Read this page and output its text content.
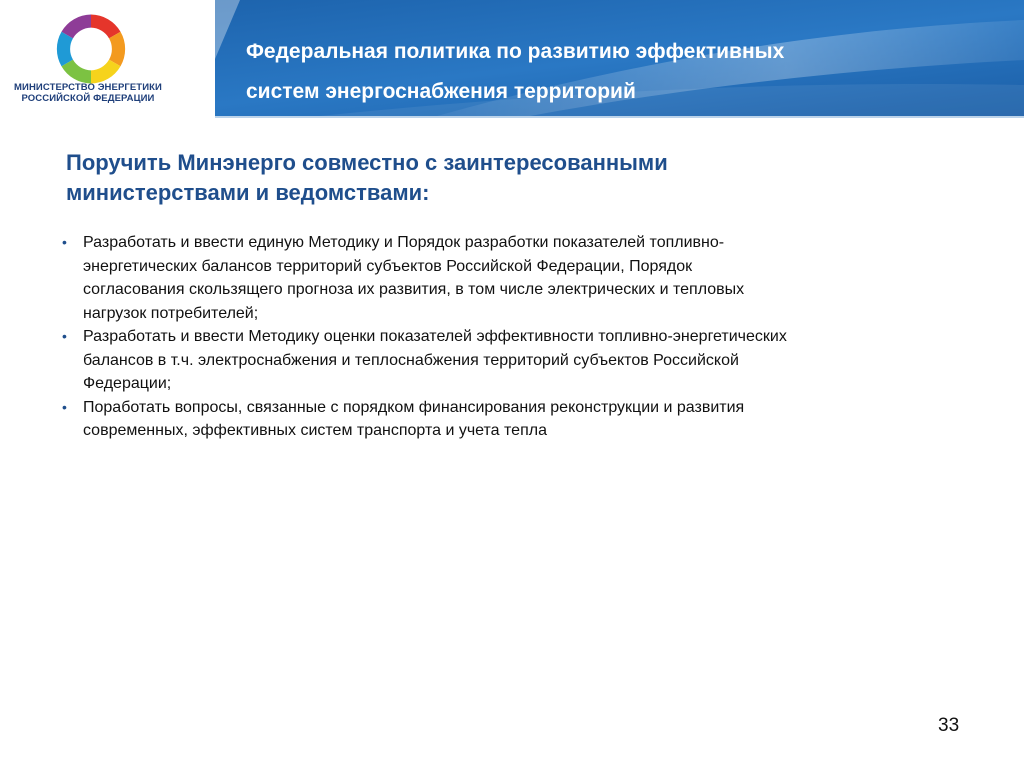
МИНИСТЕРСТВО ЭНЕРГЕТИКИ
РОССИЙСКОЙ ФЕДЕРАЦИИ
Федеральная политика по развитию эффективных
систем энергоснабжения территорий
Поручить Минэнерго совместно с заинтересованными
министерствами и ведомствами:
• Разработать и ввести единую Методику и Порядок разработки показателей топливно-
энергетических балансов территорий субъектов Российской Федерации, Порядок
согласования скользящего прогноза их развития, в том числе электрических и тепловых
нагрузок потребителей;
• Разработать и ввести Методику оценки показателей эффективности топливно-энергетических
балансов в т.ч. электроснабжения и теплоснабжения территорий субъектов Российской
Федерации;
• Поработать вопросы, связанные с порядком финансирования реконструкции и развития
современных, эффективных систем транспорта и учета тепла
33
